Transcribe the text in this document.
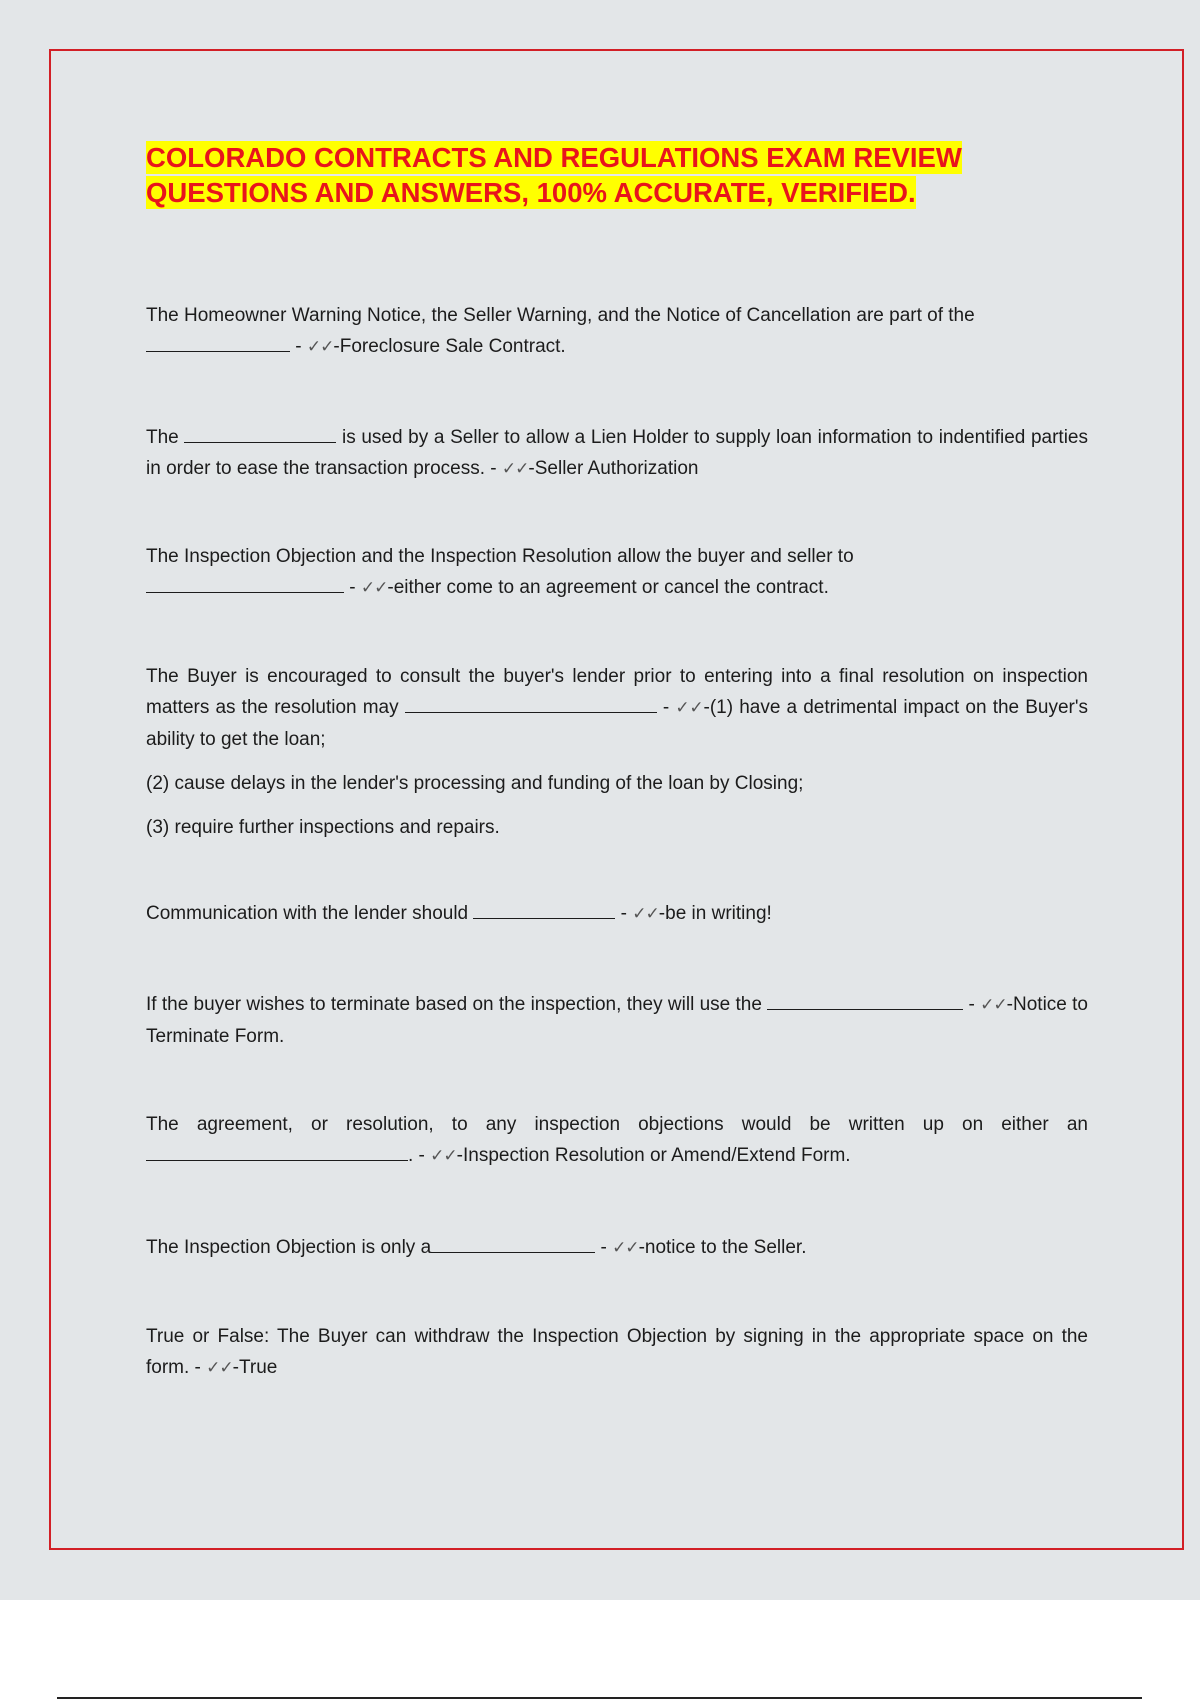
COLORADO CONTRACTS AND REGULATIONS EXAM REVIEW
QUESTIONS AND ANSWERS, 100% ACCURATE, VERIFIED.
The Homeowner Warning Notice, the Seller Warning, and the Notice of Cancellation are part of the
- ✓✓-Foreclosure Sale Contract.
The	is used by a Seller to allow a Lien Holder to supply loan information to indentified parties in order to ease the transaction process. - ✓✓-Seller Authorization
The Inspection Objection and the Inspection Resolution allow the buyer and seller to
- ✓✓-either come to an agreement or cancel the contract.

The Buyer is encouraged to consult the buyer's lender prior to entering into a final resolution on inspection matters as the resolution may	- ✓✓-(1) have a detrimental impact on the Buyer's ability to get the loan;

(2) cause delays in the lender's processing and funding of the loan by Closing;

(3) require further inspections and repairs.

Communication with the lender should	- ✓✓-be in writing!
If the buyer wishes to terminate based on the inspection, they will use the	- ✓✓-Notice to Terminate Form.
The agreement, or resolution, to any inspection objections would be written up on either an. - ✓✓-Inspection Resolution or Amend/Extend Form.
The Inspection Objection is only a	- ✓✓-notice to the Seller.
True or False: The Buyer can withdraw the Inspection Objection by signing in the appropriate space on the form. - ✓✓-True
